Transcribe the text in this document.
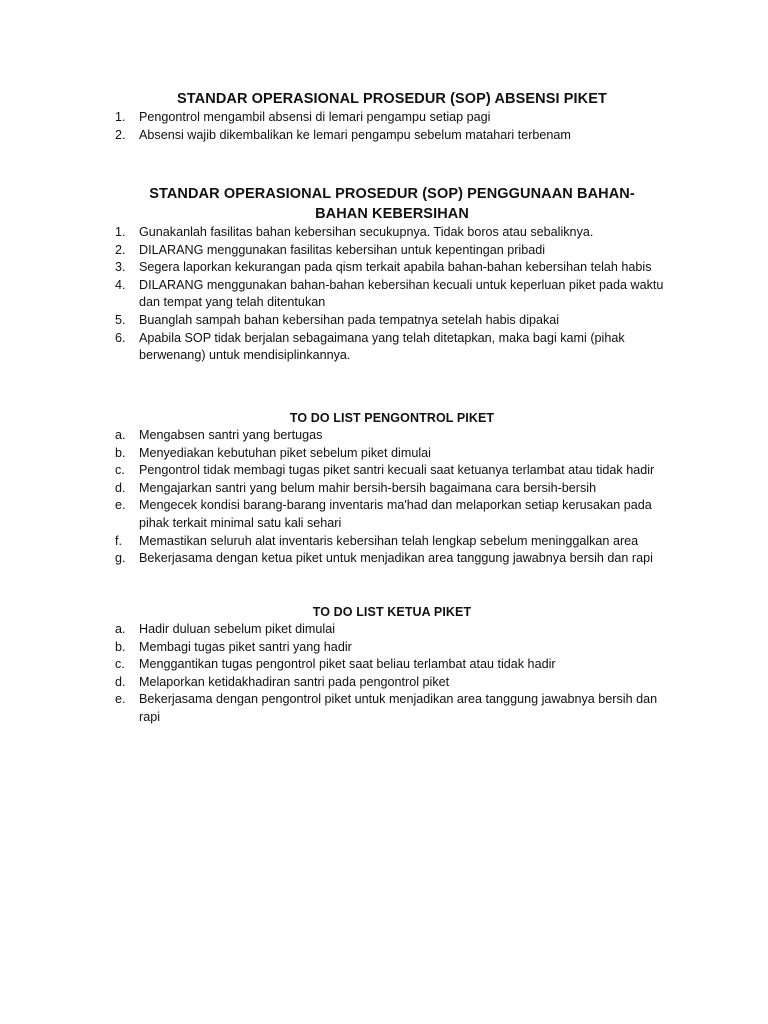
STANDAR OPERASIONAL PROSEDUR (SOP) ABSENSI PIKET
1. Pengontrol mengambil absensi di lemari pengampu setiap pagi
2. Absensi wajib dikembalikan ke lemari pengampu sebelum matahari terbenam
STANDAR OPERASIONAL PROSEDUR (SOP) PENGGUNAAN BAHAN-BAHAN KEBERSIHAN
1. Gunakanlah fasilitas bahan kebersihan secukupnya. Tidak boros atau sebaliknya.
2. DILARANG menggunakan fasilitas kebersihan untuk kepentingan pribadi
3. Segera laporkan kekurangan pada qism terkait apabila bahan-bahan kebersihan telah habis
4. DILARANG menggunakan bahan-bahan kebersihan kecuali untuk keperluan piket pada waktu dan tempat yang telah ditentukan
5. Buanglah sampah bahan kebersihan pada tempatnya setelah habis dipakai
6. Apabila SOP tidak berjalan sebagaimana yang telah ditetapkan, maka bagi kami (pihak berwenang) untuk mendisiplinkannya.
TO DO LIST PENGONTROL PIKET
a. Mengabsen santri yang bertugas
b. Menyediakan kebutuhan piket sebelum piket dimulai
c. Pengontrol tidak membagi tugas piket santri kecuali saat ketuanya terlambat atau tidak hadir
d. Mengajarkan santri yang belum mahir bersih-bersih bagaimana cara bersih-bersih
e. Mengecek kondisi barang-barang inventaris ma'had dan melaporkan setiap kerusakan pada pihak terkait minimal satu kali sehari
f. Memastikan seluruh alat inventaris kebersihan telah lengkap sebelum meninggalkan area
g. Bekerjasama dengan ketua piket untuk menjadikan area tanggung jawabnya bersih dan rapi
TO DO LIST KETUA PIKET
a. Hadir duluan sebelum piket dimulai
b. Membagi tugas piket santri yang hadir
c. Menggantikan tugas pengontrol piket saat beliau terlambat atau tidak hadir
d. Melaporkan ketidakhadiran santri pada pengontrol piket
e. Bekerjasama dengan pengontrol piket untuk menjadikan area tanggung jawabnya bersih dan rapi
